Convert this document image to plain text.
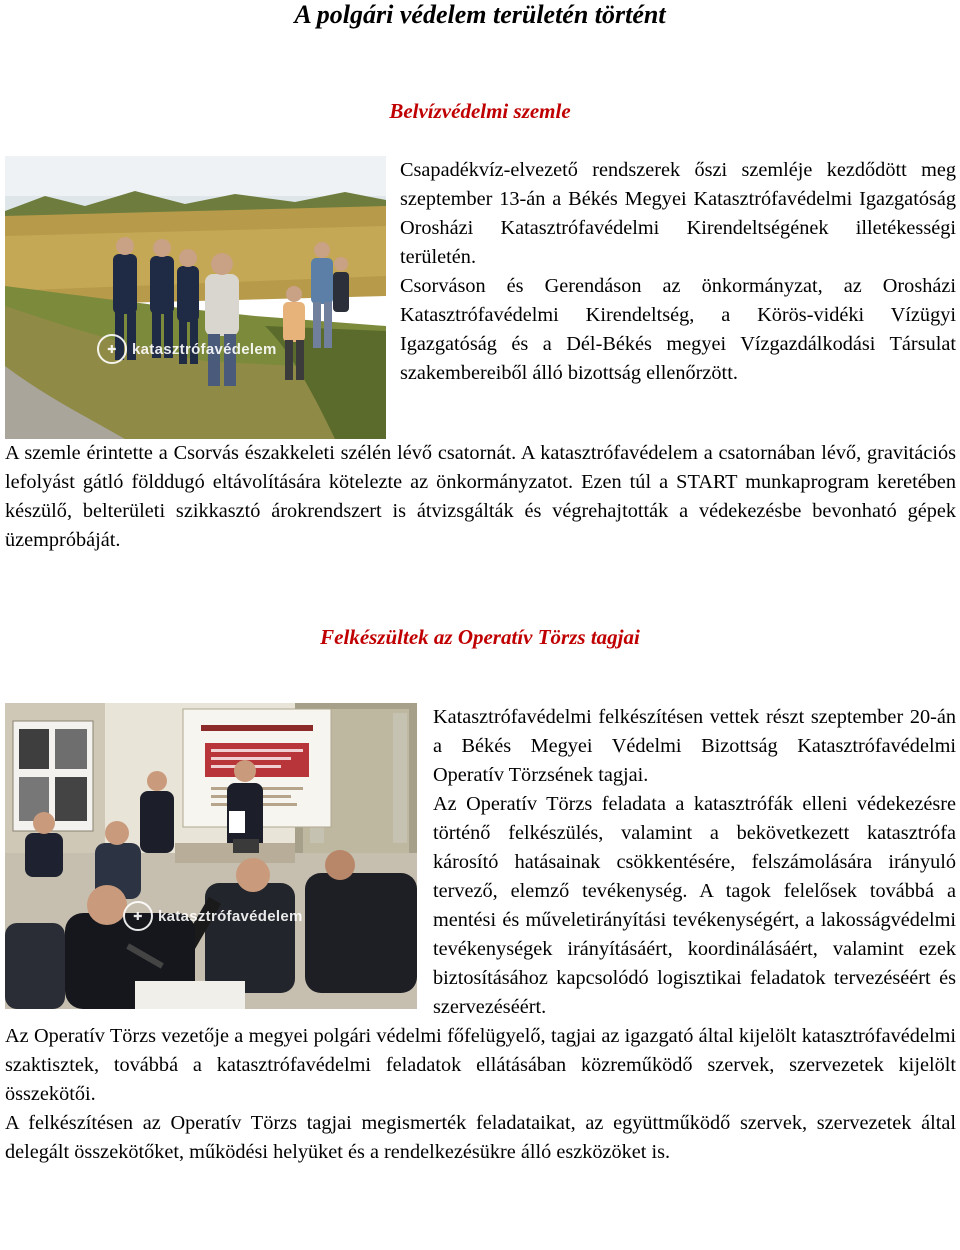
A polgári védelem területén történt
Belvízvédelmi szemle
✚	katasztrófavédelem

Csapadékvíz-elvezető rendszerek őszi szemléje kezdődött meg szeptember 13-án a Békés Megyei Katasztrófavédelmi Igazgatóság Orosházi Katasztrófavédelmi Kirendeltségének illetékességi területén.

Csorváson és Gerendáson az önkormányzat, az Orosházi Katasztrófavédelmi Kirendeltség, a Körös-vidéki Vízügyi Igazgatóság és a Dél-Békés megyei Vízgazdálkodási Társulat szakembereiből álló bizottság ellenőrzött.

A szemle érintette a Csorvás északkeleti szélén lévő csatornát. A katasztrófavédelem a csatornában lévő, gravitációs lefolyást gátló földdugó eltávolítására kötelezte az önkormányzatot. Ezen túl a START munkaprogram keretében készülő, belterületi szikkasztó árokrendszert is átvizsgálták és végrehajtották a védekezésbe bevonható gépek üzempróbáját.

Felkészültek az Operatív Törzs tagjai
✚	katasztrófavédelem

Katasztrófavédelmi felkészítésen vettek részt szeptember 20-án a Békés Megyei Védelmi Bizottság Katasztrófavédelmi Operatív Törzsének tagjai.

Az Operatív Törzs feladata a katasztrófák elleni védekezésre történő felkészülés, valamint a bekövetkezett katasztrófa károsító hatásainak csökkentésére, felszámolására irányuló tervező, elemző tevékenység. A tagok felelősek továbbá a mentési és műveletirányítási tevékenységért, a lakosságvédelmi tevékenységek irányításáért, koordinálásáért, valamint ezek biztosításához kapcsolódó logisztikai feladatok tervezéséért és szervezéséért.

Az Operatív Törzs vezetője a megyei polgári védelmi főfelügyelő, tagjai az igazgató által kijelölt katasztrófavédelmi szaktisztek, továbbá a katasztrófavédelmi feladatok ellátásában közreműködő szervek, szervezetek kijelölt összekötői.

A felkészítésen az Operatív Törzs tagjai megismerték feladataikat, az együttműködő szervek, szervezetek által delegált összekötőket, működési helyüket és a rendelkezésükre álló eszközöket is.
